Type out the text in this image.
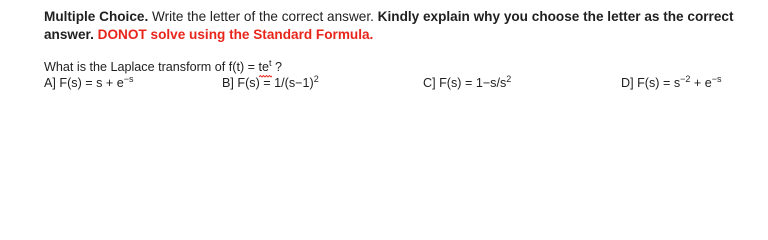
Multiple Choice. Write the letter of the correct answer. Kindly explain why you choose the letter as the correct answer. DONOT solve using the Standard Formula.
What is the Laplace transform of f(t) = te
$^t$ ?
A] $F(s) = s + e^{-s}$	B] $F(s) = 1/(s-1)^2$	C] $F(s) = 1-s/s^2$	D] $F(s) = s^{-2} + e^{-s}$
